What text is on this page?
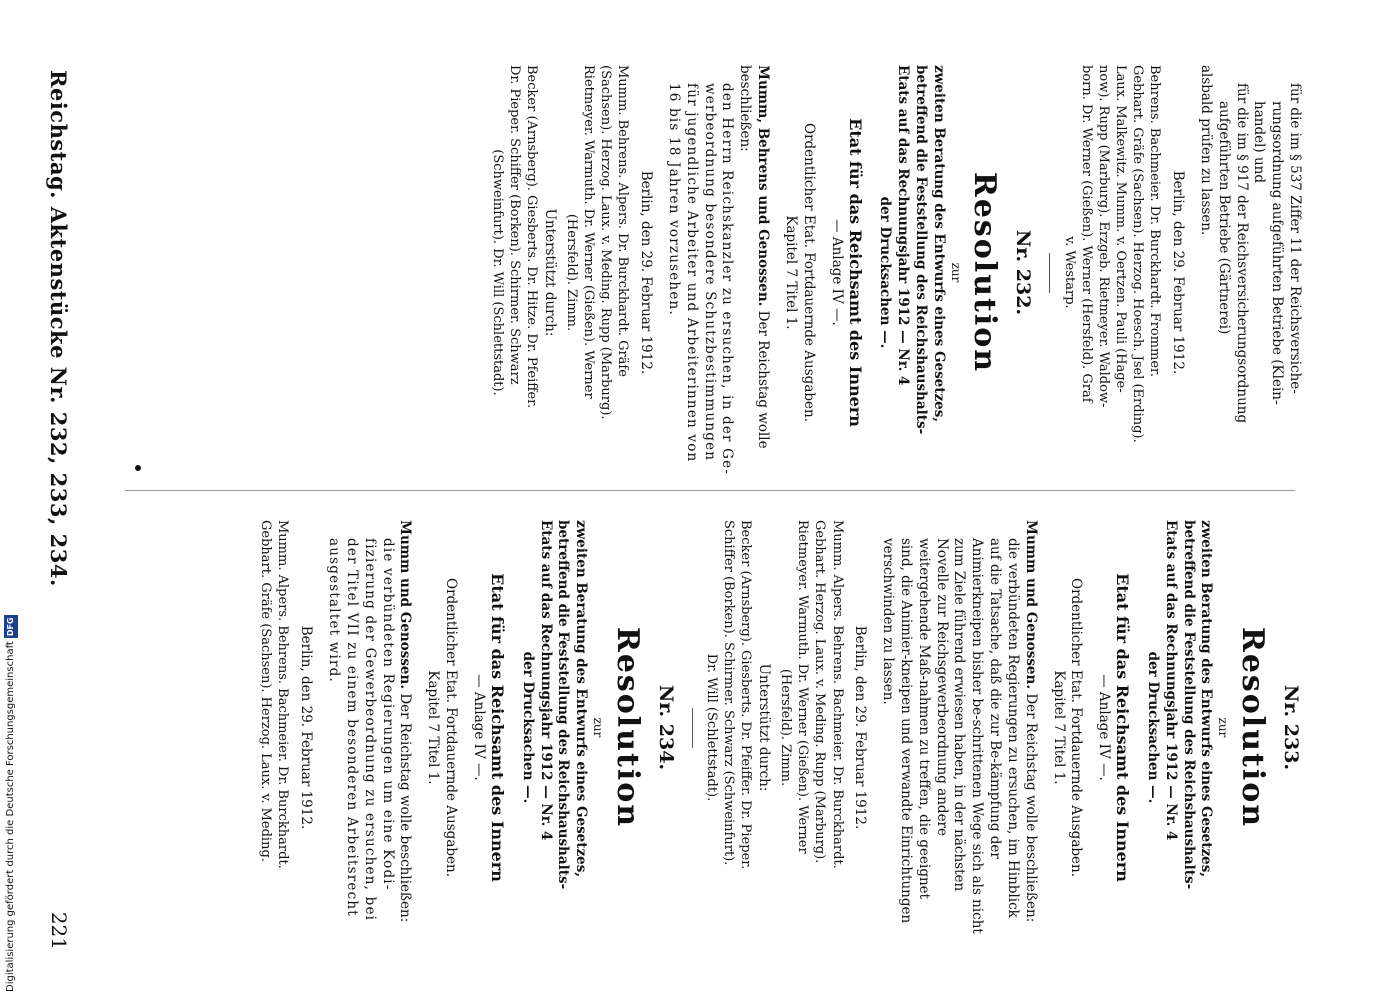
Reichstag. Aktenstücke Nr. 232, 233, 234.
221

für die im § 537 Ziffer 11 der Reichsversiche-

rungsordnung aufgeführten Betriebe (Klein-

handel) und

für die im § 917 der Reichsversicherungsordnung

aufgeführten Betriebe (Gärtnerei)

alsbald prüfen zu lassen.

Berlin, den 29. Februar 1912.

Behrens. Bachmeier. Dr. Burckhardt. Frommer.

Gebhart. Gräfe (Sachsen). Herzog. Hoesch. Jsel (Erding).

Laux. Malkewitz. Mumm. v. Oertzen. Pauli (Hage-

now). Rupp (Marburg). Erzgeb. Rietmeyer. Waldow-

born. Dr. Werner (Gießen). Werner (Hersfeld). Graf

v. Westarp.

Nr. 232.

Resolution

zur

zweiten Beratung des Entwurfs eines Gesetzes,

betreffend die Feststellung des Reichshaushalts-

Etats auf das Rechnungsjahr 1912 — Nr. 4

der Drucksachen —.

Etat für das Reichsamt des Innern

— Anlage IV —.

Ordentlicher Etat. Fortdauernde Ausgaben.

Kapitel 7 Titel 1.

Mumm, Behrens und Genossen. Der Reichstag wolle beschließen:

den Herrn Reichskanzler zu ersuchen, in der Ge-werbeordnung besondere Schutzbestimmungen für jugendliche Arbeiter und Arbeiterinnen von 16 bis 18 Jahren vorzusehen.

Berlin, den 29. Februar 1912.

Mumm. Behrens. Alpers. Dr. Burckhardt. Gräfe

(Sachsen). Herzog. Laux. v. Meding. Rupp (Marburg).

Rietmeyer. Warmuth. Dr. Werner (Gießen). Werner

(Hersfeld). Zimm.

Unterstützt durch:

Becker (Arnsberg). Giesberts. Dr. Hitze. Dr. Pfeiffer.

Dr. Pieper. Schiffer (Borken). Schirmer. Schwarz

(Schweinfurt). Dr. Will (Schlettstadt).

Nr. 233.

Resolution

zur

zweiten Beratung des Entwurfs eines Gesetzes,

betreffend die Feststellung des Reichshaushalts-

Etats auf das Rechnungsjahr 1912 — Nr. 4

der Drucksachen —.

Etat für das Reichsamt des Innern

— Anlage IV —.

Ordentlicher Etat. Fortdauernde Ausgaben.

Kapitel 7 Titel 1.

Mumm und Genossen. Der Reichstag wolle beschließen:

die verbündeten Regierungen zu ersuchen, im Hinblick auf die Tatsache, daß die zur Be-kämpfung der Animierkneipen bisher be-schrittenen Wege sich als nicht zum Ziele führend erwiesen haben, in der nächsten Novelle zur Reichsgewerbeordnung andere weitergehende Maß-nahmen zu treffen, die geeignet sind, die Animier-kneipen und verwandte Einrichtungen verschwinden zu lassen.

Berlin, den 29. Februar 1912.

Mumm. Alpers. Behrens. Bachmeier. Dr. Burckhardt.

Gebhart. Herzog. Laux. v. Meding. Rupp (Marburg).

Rietmeyer. Warmuth. Dr. Werner (Gießen). Werner

(Hersfeld). Zimm.

Unterstützt durch:

Becker (Arnsberg). Giesberts. Dr. Pfeiffer. Dr. Pieper.

Schiffer (Borken). Schirmer. Schwarz (Schweinfurt).

Dr. Will (Schlettstadt).

Nr. 234.

Resolution

zur

zweiten Beratung des Entwurfs eines Gesetzes,

betreffend die Feststellung des Reichshaushalts-

Etats auf das Rechnungsjahr 1912 — Nr. 4

der Drucksachen —.

Etat für das Reichsamt des Innern

— Anlage IV —.

Ordentlicher Etat. Fortdauernde Ausgaben.

Kapitel 7 Titel 1.

Mumm und Genossen. Der Reichstag wolle beschließen:

die verbündeten Regierungen um eine Kodi-fizierung der Gewerbeordnung zu ersuchen, bei der Titel VII zu einem besonderen Arbeitsrecht ausgestaltet wird.

Berlin, den 29. Februar 1912.

Mumm. Alpers. Behrens. Bachmeier. Dr. Burckhardt.

Gebhart. Gräfe (Sachsen). Herzog. Laux. v. Meding.

Digitalisierung gefördert durch die Deutsche ForschungsgemeinschaftDFG
